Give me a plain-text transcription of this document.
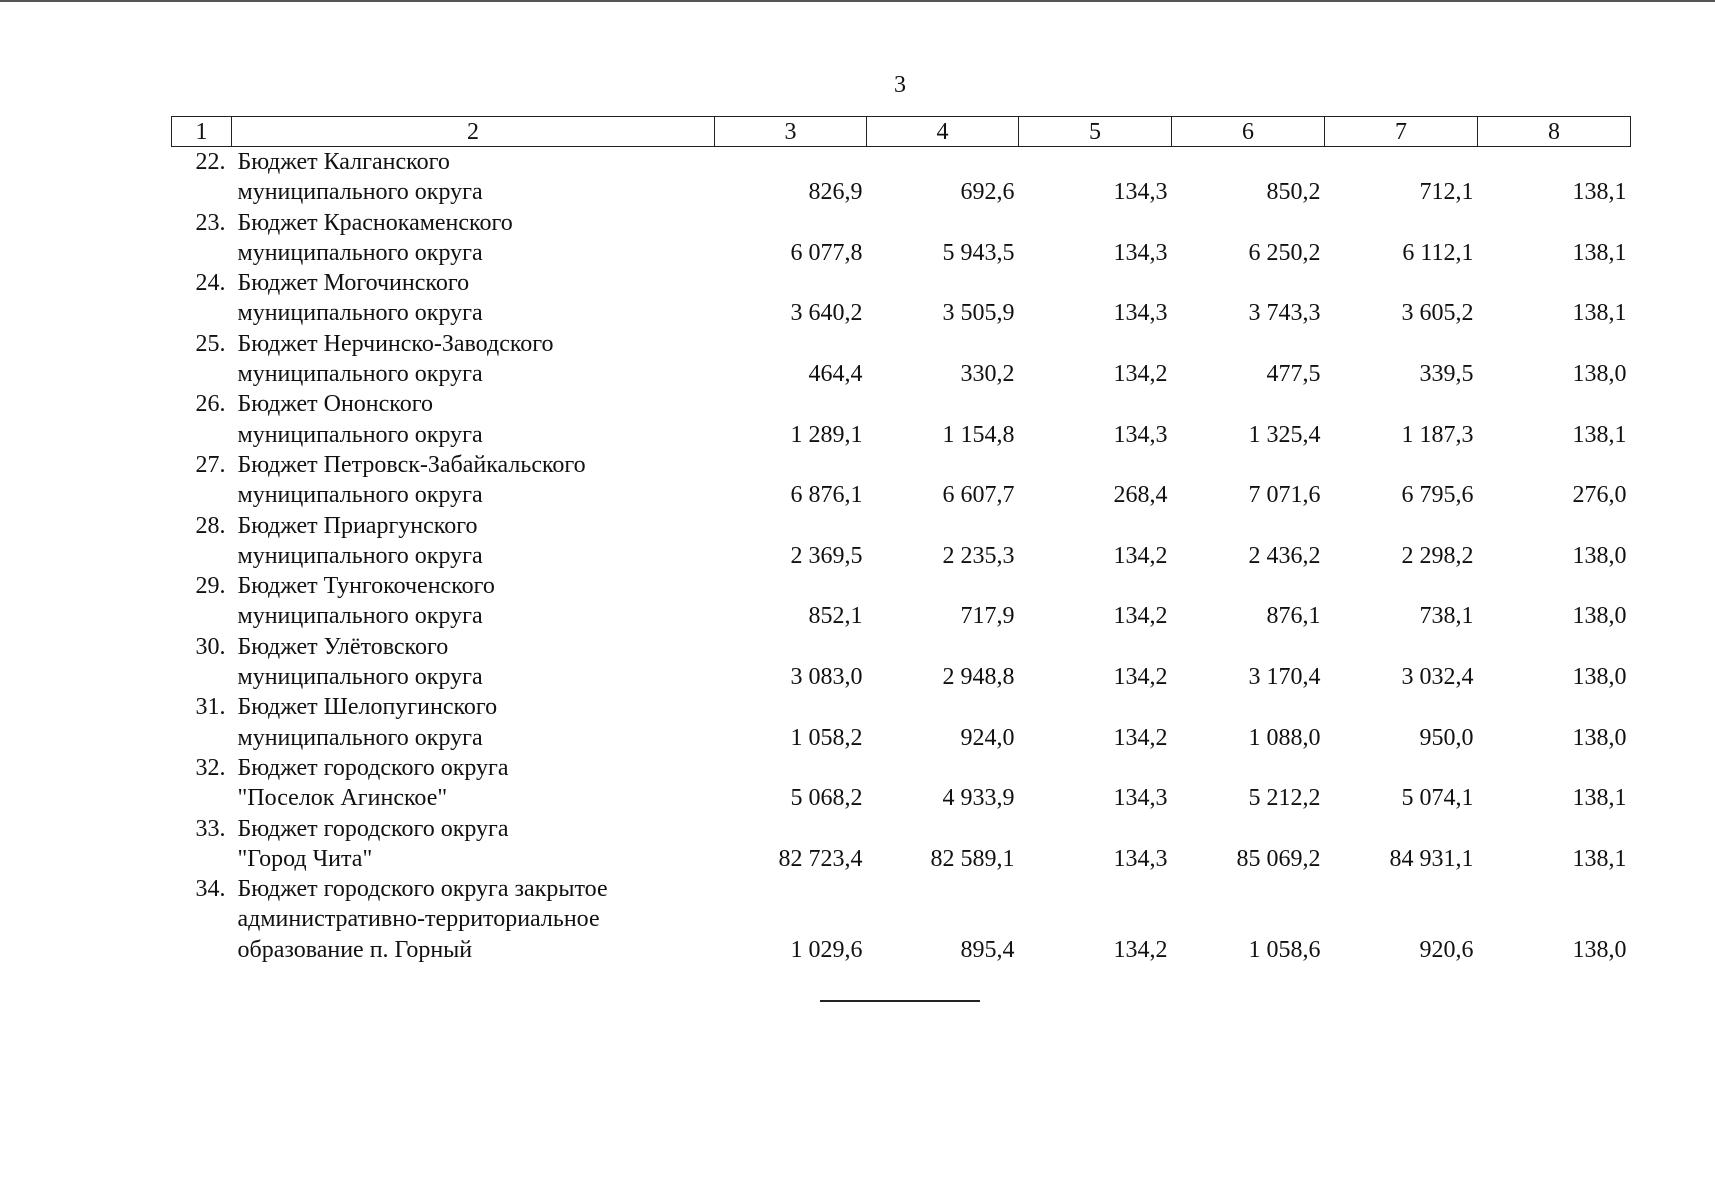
3
1	2	3	4	5	6	7	8
22.	Бюджет Калганского
муниципального округа	826,9	692,6	134,3	850,2	712,1	138,1
23.	Бюджет Краснокаменского
муниципального округа	6 077,8	5 943,5	134,3	6 250,2	6 112,1	138,1
24.	Бюджет Могочинского
муниципального округа	3 640,2	3 505,9	134,3	3 743,3	3 605,2	138,1
25.	Бюджет Нерчинско-Заводского
муниципального округа	464,4	330,2	134,2	477,5	339,5	138,0
26.	Бюджет Ононского
муниципального округа	1 289,1	1 154,8	134,3	1 325,4	1 187,3	138,1
27.	Бюджет Петровск-Забайкальского
муниципального округа	6 876,1	6 607,7	268,4	7 071,6	6 795,6	276,0
28.	Бюджет Приаргунского
муниципального округа	2 369,5	2 235,3	134,2	2 436,2	2 298,2	138,0
29.	Бюджет Тунгокоченского
муниципального округа	852,1	717,9	134,2	876,1	738,1	138,0
30.	Бюджет Улётовского
муниципального округа	3 083,0	2 948,8	134,2	3 170,4	3 032,4	138,0
31.	Бюджет Шелопугинского
муниципального округа	1 058,2	924,0	134,2	1 088,0	950,0	138,0
32.	Бюджет городского округа
"Поселок Агинское"	5 068,2	4 933,9	134,3	5 212,2	5 074,1	138,1
33.	Бюджет городского округа
"Город Чита"	82 723,4	82 589,1	134,3	85 069,2	84 931,1	138,1
34.	Бюджет городского округа закрытое
административно-территориальное
образование п. Горный	1 029,6	895,4	134,2	1 058,6	920,6	138,0
